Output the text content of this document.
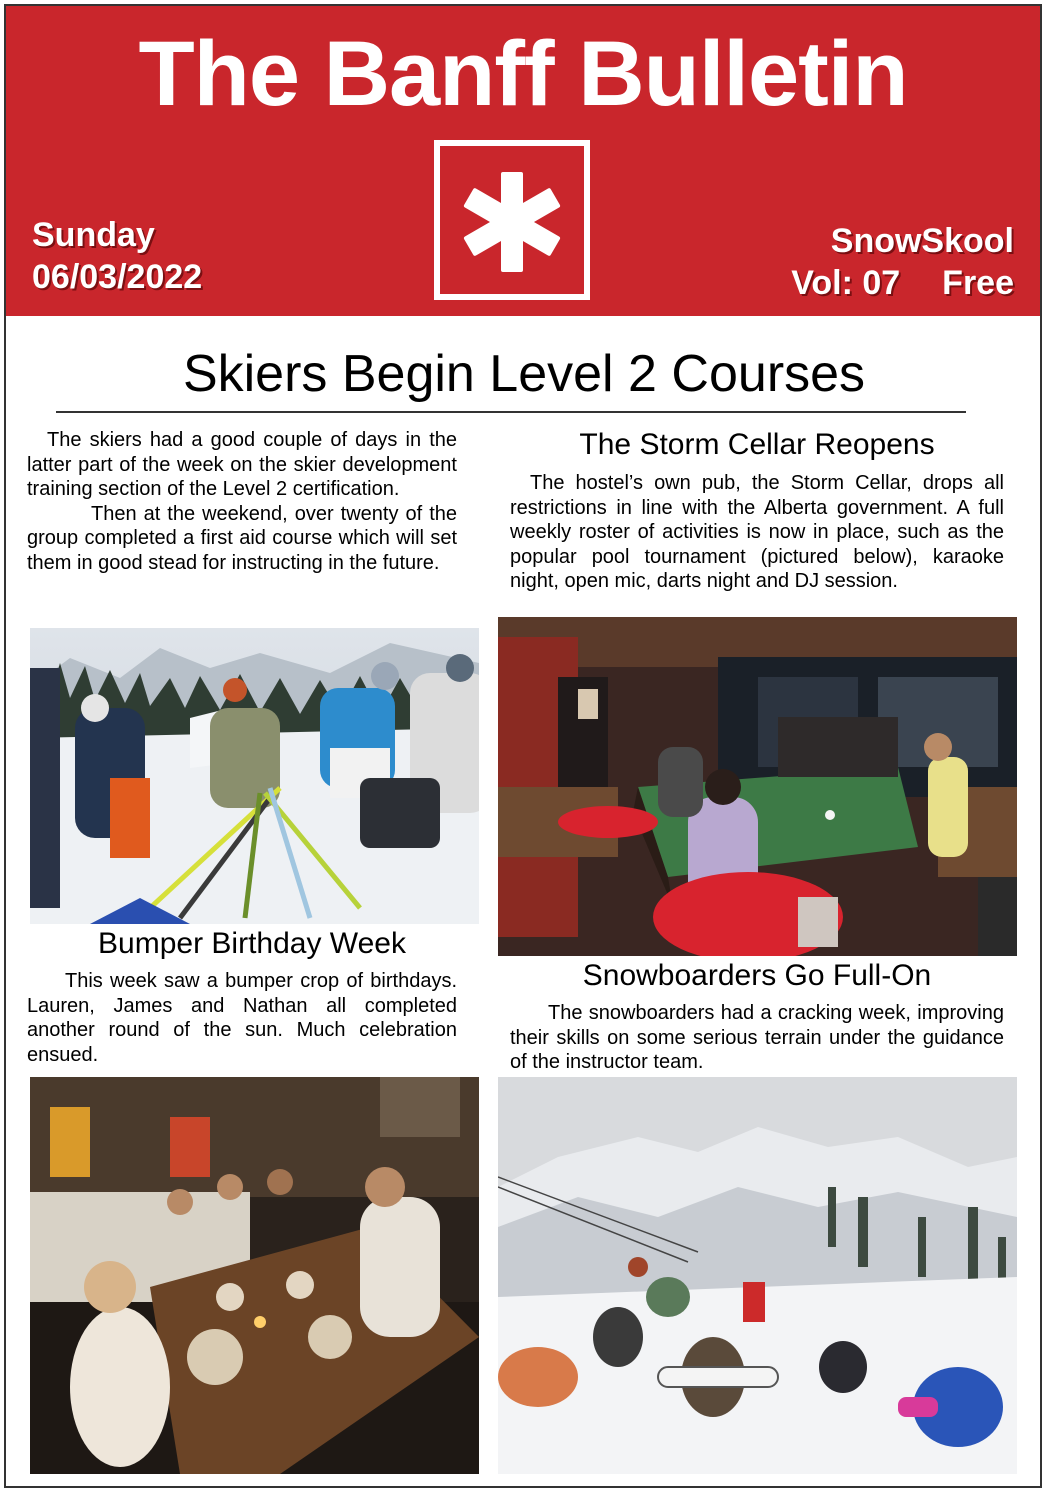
The Banff Bulletin
Sunday
06/03/2022
SnowSkool
Vol: 07 Free
Skiers Begin Level 2 Courses
The skiers had a good couple of days in the latter part of the week on the skier development training section of the Level 2 certification.
Then at the weekend, over twenty of the group completed a first aid course which will set them in good stead for instructing in the future.
Bumper Birthday Week
This week saw a bumper crop of birthdays. Lauren, James and Nathan all completed another round of the sun. Much celebration ensued.
The Storm Cellar Reopens
The hostel’s own pub, the Storm Cellar, drops all restrictions in line with the Alberta government. A full weekly roster of activities is now in place, such as the popular pool tournament (pictured below), karaoke night, open mic, darts night and DJ session.
Snowboarders Go Full-On
The snowboarders had a cracking week, improving their skills on some serious terrain under the guidance of the instructor team.
